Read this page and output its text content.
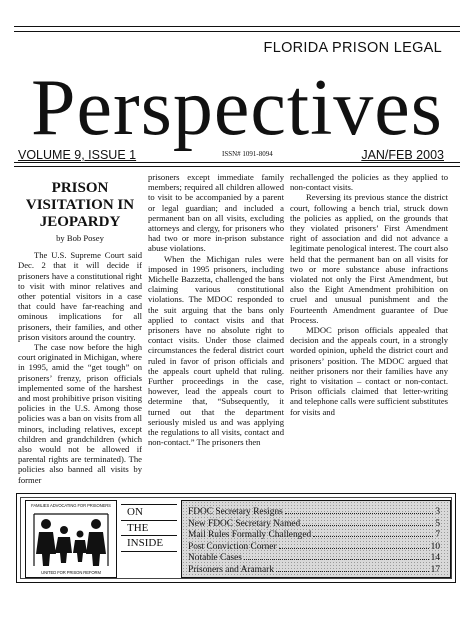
FLORIDA PRISON LEGAL
Perspectives
VOLUME 9, ISSUE 1	ISSN# 1091-8094	JAN/FEB 2003
PRISON VISITATION IN JEOPARDY
by Bob Posey

The U.S. Supreme Court said Dec. 2 that it will decide if prisoners have a constitutional right to visit with minor relatives and other potential visitors in a case that could have far-reaching and ominous implications for all prisoners, their families, and other prison visitors around the country.

The case now before the high court originated in Michigan, where in 1995, amid the “get tough” on prisoners’ frenzy, prison officials implemented some of the harshest and most prohibitive prison visiting policies in the U.S. Among those policies was a ban on visits from all minors, including relatives, except children and grandchildren (which also would not be allowed if parental rights are terminated). The policies also banned all visits by former

prisoners except immediate family members; required all children allowed to visit to be accompanied by a parent or legal guardian; and included a permanent ban on all visits, excluding attorneys and clergy, for prisoners who had two or more in-prison substance abuse violations.

When the Michigan rules were imposed in 1995 prisoners, including Michelle Bazzetta, challenged the bans claiming various constitutional violations. The MDOC responded to the suit arguing that the bans only applied to contact visits and that prisoners have no absolute right to contact visits. Under those claimed circumstances the federal district court ruled in favor of prison officials and the appeals court upheld that ruling. Further proceedings in the case, however, lead the appeals court to determine that, “Subsequently, it turned out that the department seriously misled us and was applying the regulations to all visits, contact and non-contact.” The prisoners then

rechallenged the policies as they applied to non-contact visits.

Reversing its previous stance the district court, following a bench trial, struck down the policies as applied, on the grounds that they violated prisoners’ First Amendment right of association and did not advance a legitimate penological interest. The court also held that the permanent ban on all visits for two or more substance abuse infractions violated not only the First Amendment, but also the Eight Amendment prohibition on cruel and unusual punishment and the Fourteenth Amendment guarantee of Due Process.

MDOC prison officials appealed that decision and the appeals court, in a strongly worded opinion, upheld the district court and prisoners’ position. The MDOC argued that neither prisoners nor their families have any right to visitation – contact or non-contact. Prison officials claimed that letter-writing and telephone calls were sufficient substitutes for visits and

FAMILIES ADVOCATING FOR PRISONERS
UNITED FOR PRISON REFORM
ON
THE
INSIDE
FDOC Secretary Resigns	3
New FDOC Secretary Named	5
Mail Rules Formally Challenged	7
Post Conviction Corner	10
Notable Cases	14
Prisoners and Aramark	17
